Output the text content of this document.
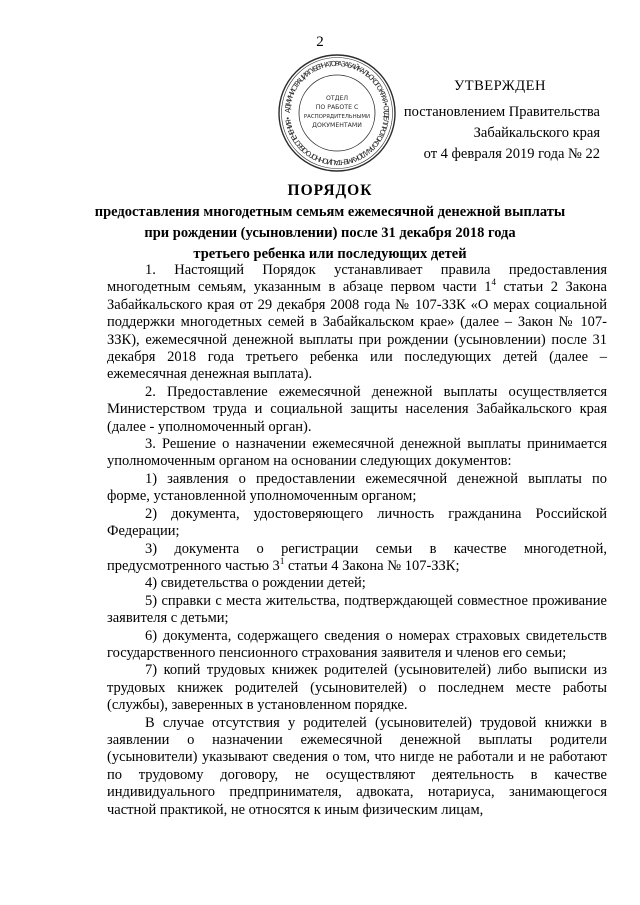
2
АДМИНИСТРАЦИЯ ГУБЕРНАТОРА ЗАБАЙКАЛЬСКОГО КРАЯ • ОТДЕЛ ПРОТОКОЛА И ДОКУМЕНТАЦИОННОГО ОБЕСПЕЧЕНИЯ •
ОТДЕЛ
ПО РАБОТЕ С
РАСПОРЯДИТЕЛЬНЫМИ
ДОКУМЕНТАМИ
УТВЕРЖДЕН
постановлением Правительства
Забайкальского края
от 4 февраля 2019 года № 22
ПОРЯДОК
предоставления многодетным семьям ежемесячной денежной выплаты
при рождении (усыновлении) после 31 декабря 2018 года
третьего ребенка или последующих детей

1. Настоящий Порядок устанавливает правила предоставления многодетным семьям, указанным в абзаце первом части $1^4$ статьи 2 Закона Забайкальского края от 29 декабря 2008 года № 107-ЗЗК «О мерах социальной поддержки многодетных семей в Забайкальском крае» (далее – Закон № 107-ЗЗК), ежемесячной денежной выплаты при рождении (усыновлении) после 31 декабря 2018 года третьего ребенка или последующих детей (далее – ежемесячная денежная выплата).

2. Предоставление ежемесячной денежной выплаты осуществляется Министерством труда и социальной защиты населения Забайкальского края (далее - уполномоченный орган).

3. Решение о назначении ежемесячной денежной выплаты принимается уполномоченным органом на основании следующих документов:

1) заявления о предоставлении ежемесячной денежной выплаты по форме, установленной уполномоченным органом;

2) документа, удостоверяющего личность гражданина Российской Федерации;

3) документа о регистрации семьи в качестве многодетной, предусмотренного частью $3^1$ статьи 4 Закона № 107-ЗЗК;

4) свидетельства о рождении детей;

5) справки с места жительства, подтверждающей совместное проживание заявителя с детьми;

6) документа, содержащего сведения о номерах страховых свидетельств государственного пенсионного страхования заявителя и членов его семьи;

7) копий трудовых книжек родителей (усыновителей) либо выписки из трудовых книжек родителей (усыновителей) о последнем месте работы (службы), заверенных в установленном порядке.

В случае отсутствия у родителей (усыновителей) трудовой книжки в заявлении о назначении ежемесячной денежной выплаты родители (усыновители) указывают сведения о том, что нигде не работали и не работают по трудовому договору, не осуществляют деятельность в качестве индивидуального предпринимателя, адвоката, нотариуса, занимающегося частной практикой, не относятся к иным физическим лицам,
